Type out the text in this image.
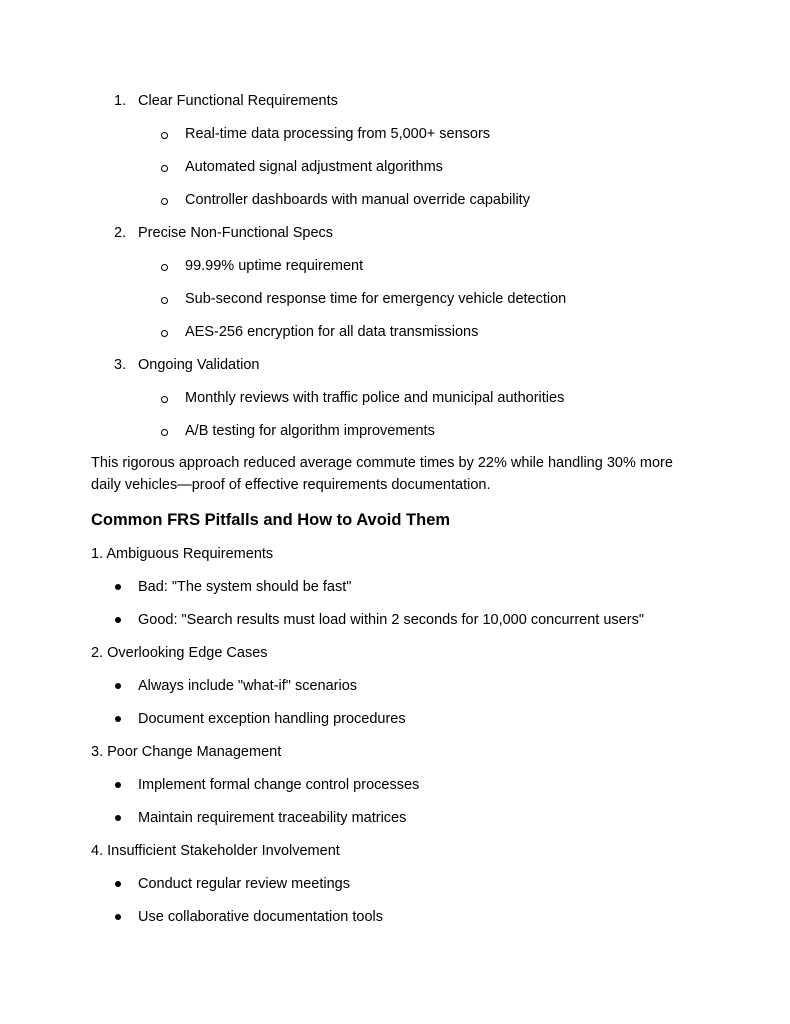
1. Clear Functional Requirements
Real-time data processing from 5,000+ sensors
Automated signal adjustment algorithms
Controller dashboards with manual override capability
2. Precise Non-Functional Specs
99.99% uptime requirement
Sub-second response time for emergency vehicle detection
AES-256 encryption for all data transmissions
3. Ongoing Validation
Monthly reviews with traffic police and municipal authorities
A/B testing for algorithm improvements

This rigorous approach reduced average commute times by 22% while handling 30% more daily vehicles—proof of effective requirements documentation.

Common FRS Pitfalls and How to Avoid Them
1. Ambiguous Requirements
Bad: "The system should be fast"
Good: "Search results must load within 2 seconds for 10,000 concurrent users"
2. Overlooking Edge Cases
Always include "what-if" scenarios
Document exception handling procedures
3. Poor Change Management
Implement formal change control processes
Maintain requirement traceability matrices
4. Insufficient Stakeholder Involvement
Conduct regular review meetings
Use collaborative documentation tools
